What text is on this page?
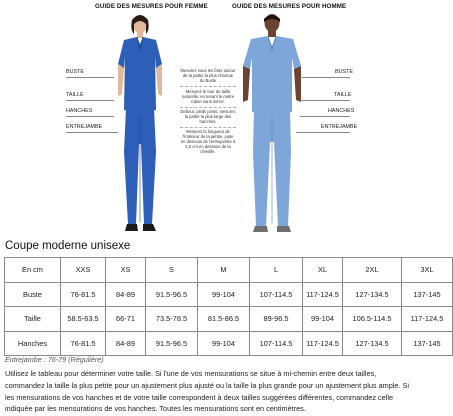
GUIDE DES MESURES POUR FEMME	GUIDE DES MESURES POUR HOMME
BUSTE
TAILLE
HANCHES
ENTREJAMBE
BUSTE
TAILLE
HANCHES
ENTREJAMBE
Mesurez sous les bras autour de la partie la plus charnue du Buste
Mesurez le tour de taille naturelle, en tenant le mètre ruban sans serrer.
Debout, pieds joints, mesurez la partie la plus large des hanches.
Mesurez la longueur de l'intérieur de la jambe, juste en dessous de l'entrejambe à 2,5 cm en dessous de la cheville.
Coupe moderne unisexe
En cm	XXS	XS	S	M	L	XL	2XL	3XL
Buste	76-81.5	84-89	91.5-96.5	99-104	107-114.5	117-124.5	127-134.5	137-145
Taille	58.5-63.5	66-71	73.5-78.5	81.5-86.5	89-96.5	99-104	106.5-114.5	117-124.5
Hanches	76-81.5	84-89	91.5-96.5	99-104	107-114.5	117-124.5	127-134.5	137-145
Entrejambe : 76-79 (Régulière)
Utilisez le tableau pour déterminer votre taille. Si l'une de vos mensurations se situe à mi-chemin entre deux tailles, commandez la taille la plus petite pour un ajustement plus ajusté ou la taille la plus grande pour un ajustement plus ample. Si les mensurations de vos hanches et de votre taille correspondent à deux tailles suggérées différentes, commandez celle indiquée par les mensurations de vos hanches. Toutes les mensurations sont en centimètres.
